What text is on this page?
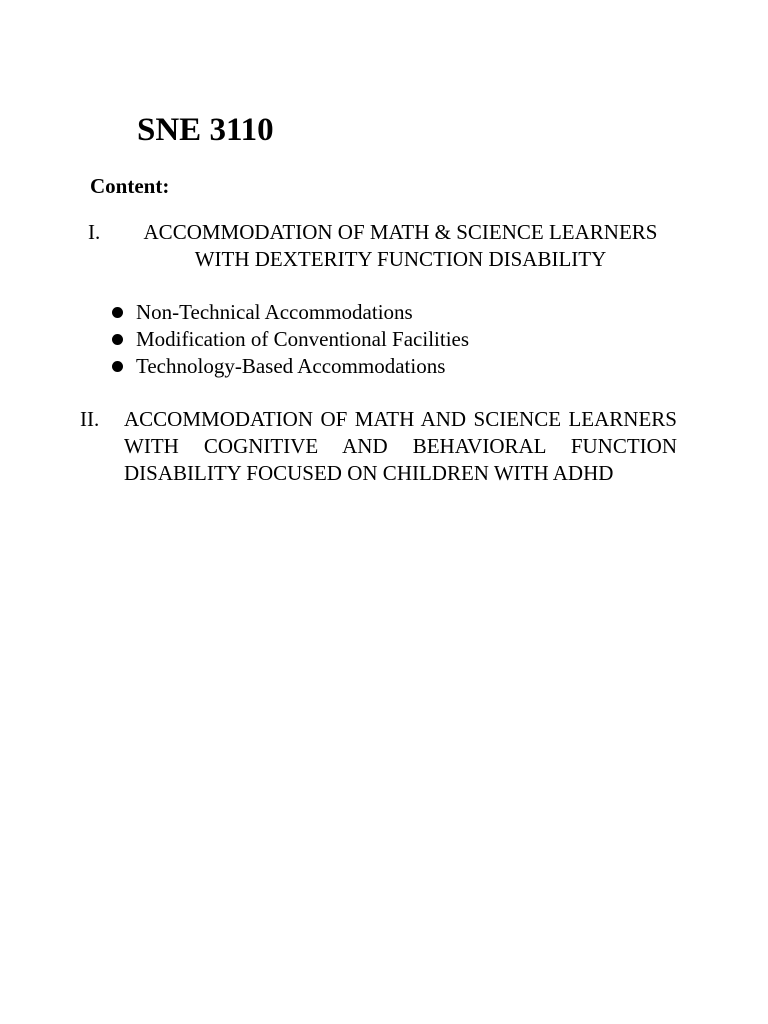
SNE 3110
Content:
I.	ACCOMMODATION OF MATH & SCIENCE LEARNERS WITH DEXTERITY FUNCTION DISABILITY
Non-Technical Accommodations
Modification of Conventional Facilities
Technology-Based Accommodations
II. ACCOMMODATION OF MATH AND SCIENCE LEARNERS WITH COGNITIVE AND BEHAVIORAL FUNCTION DISABILITY FOCUSED ON CHILDREN WITH ADHD
